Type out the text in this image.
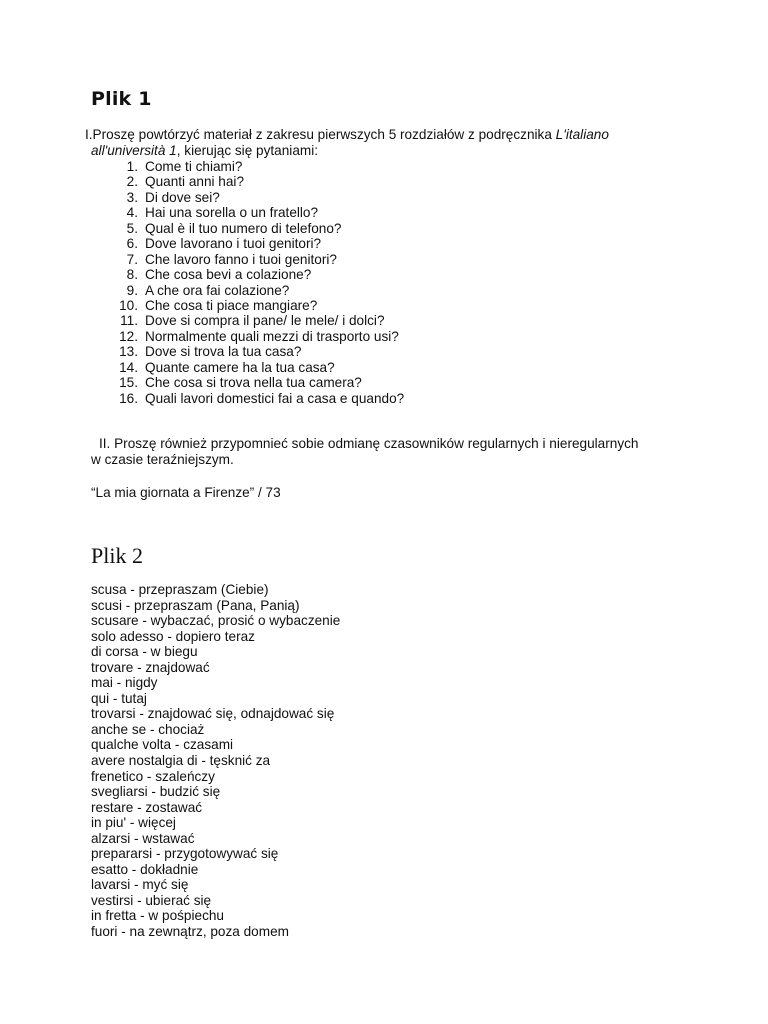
Plik 1
I.Proszę powtórzyć materiał z zakresu pierwszych 5 rozdziałów z podręcznika L'italiano
all'università 1, kierując się pytaniami:
1. Come ti chiami?
2. Quanti anni hai?
3. Di dove sei?
4. Hai una sorella o un fratello?
5. Qual è il tuo numero di telefono?
6. Dove lavorano i tuoi genitori?
7. Che lavoro fanno i tuoi genitori?
8. Che cosa bevi a colazione?
9. A che ora fai colazione?
10. Che cosa ti piace mangiare?
11. Dove si compra il pane/ le mele/ i dolci?
12. Normalmente quali mezzi di trasporto usi?
13. Dove si trova la tua casa?
14. Quante camere ha la tua casa?
15. Che cosa si trova nella tua camera?
16. Quali lavori domestici fai a casa e quando?
II. Proszę również przypomnieć sobie odmianę czasowników regularnych i nieregularnych
w czasie teraźniejszym.
“La mia giornata a Firenze” / 73
Plik 2
scusa - przepraszam (Ciebie)
scusi - przepraszam (Pana, Panią)
scusare - wybaczać, prosić o wybaczenie
solo adesso - dopiero teraz
di corsa - w biegu
trovare - znajdować
mai - nigdy
qui - tutaj
trovarsi - znajdować się, odnajdować się
anche se - chociaż
qualche volta - czasami
avere nostalgia di - tęsknić za
frenetico - szaleńczy
svegliarsi - budzić się
restare - zostawać
in piu' - więcej
alzarsi - wstawać
prepararsi - przygotowywać się
esatto - dokładnie
lavarsi - myć się
vestirsi - ubierać się
in fretta - w pośpiechu
fuori - na zewnątrz, poza domem
